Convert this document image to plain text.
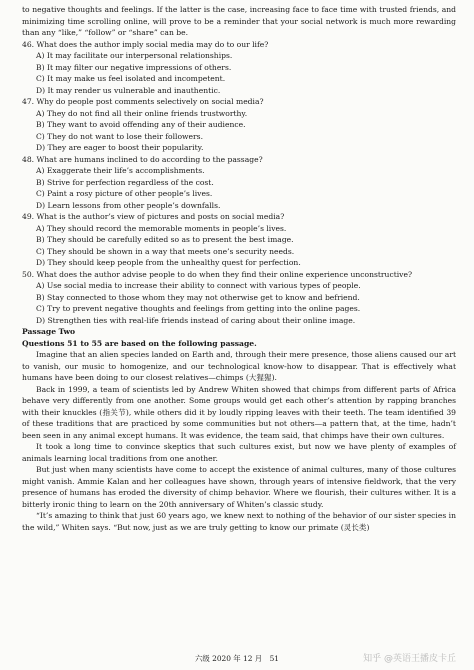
to negative thoughts and feelings. If the latter is the case, increasing face to face time with trusted friends, and minimizing time scrolling online, will prove to be a reminder that your social network is much more rewarding than any “like,” “follow” or “share” can be.

46. What does the author imply social media may do to our life?
A) It may facilitate our interpersonal relationships.
B) It may filter our negative impressions of others.
C) It may make us feel isolated and incompetent.
D) It may render us vulnerable and inauthentic.
47. Why do people post comments selectively on social media?
A) They do not find all their online friends trustworthy.
B) They want to avoid offending any of their audience.
C) They do not want to lose their followers.
D) They are eager to boost their popularity.
48. What are humans inclined to do according to the passage?
A) Exaggerate their life’s accomplishments.
B) Strive for perfection regardless of the cost.
C) Paint a rosy picture of other people’s lives.
D) Learn lessons from other people’s downfalls.
49. What is the author’s view of pictures and posts on social media?
A) They should record the memorable moments in people’s lives.
B) They should be carefully edited so as to present the best image.
C) They should be shown in a way that meets one’s security needs.
D) They should keep people from the unhealthy quest for perfection.
50. What does the author advise people to do when they find their online experience unconstructive?
A) Use social media to increase their ability to connect with various types of people.
B) Stay connected to those whom they may not otherwise get to know and befriend.
C) Try to prevent negative thoughts and feelings from getting into the online pages.
D) Strengthen ties with real-life friends instead of caring about their online image.
Passage Two
Questions 51 to 55 are based on the following passage.

Imagine that an alien species landed on Earth and, through their mere presence, those aliens caused our art to vanish, our music to homogenize, and our technological know-how to disappear. That is effectively what humans have been doing to our closest relatives—chimps (大猩猩).

Back in 1999, a team of scientists led by Andrew Whiten showed that chimps from different parts of Africa behave very differently from one another. Some groups would get each other’s attention by rapping branches with their knuckles (指关节), while others did it by loudly ripping leaves with their teeth. The team identified 39 of these traditions that are practiced by some communities but not others—a pattern that, at the time, hadn’t been seen in any animal except humans. It was evidence, the team said, that chimps have their own cultures.

It took a long time to convince skeptics that such cultures exist, but now we have plenty of examples of animals learning local traditions from one another.

But just when many scientists have come to accept the existence of animal cultures, many of those cultures might vanish. Ammie Kalan and her colleagues have shown, through years of intensive fieldwork, that the very presence of humans has eroded the diversity of chimp behavior. Where we flourish, their cultures wither. It is a bitterly ironic thing to learn on the 20th anniversary of Whiten’s classic study.

“It’s amazing to think that just 60 years ago, we knew next to nothing of the behavior of our sister species in the wild,” Whiten says. “But now, just as we are truly getting to know our primate (灵长类)

六级 2020 年 12 月　51	知乎 @英语王播皮卡丘
